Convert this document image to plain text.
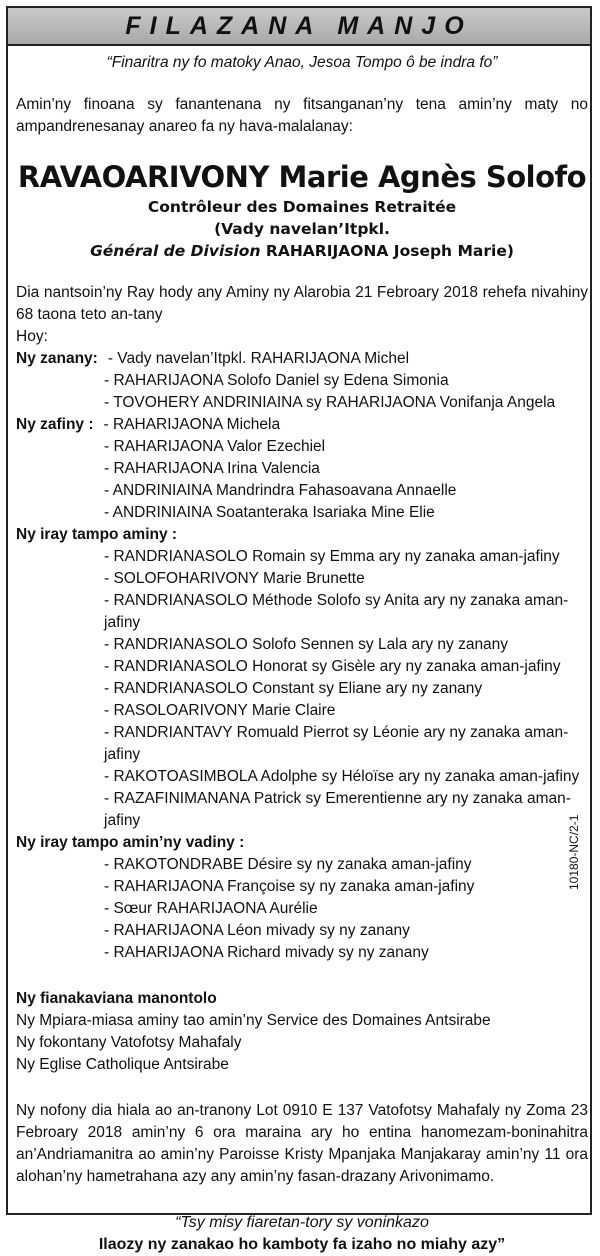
FILAZANA MANJO
“Finaritra ny fo matoky Anao, Jesoa Tompo ô be indra fo”
Amin’ny finoana sy fanantenana ny fitsanganan’ny tena amin’ny maty no ampandrenesanay anareo fa ny hava-malalanay:
RAVAOARIVONY Marie Agnès Solofo
Contrôleur des Domaines Retraitée
(Vady navelan’Itpkl.
Général de Division RAHARIJAONA Joseph Marie)
Dia nantsoin’ny Ray hody any Aminy ny Alarobia 21 Febroary 2018 rehefa nivahiny 68 taona teto an-tany
Hoy:
Ny zanany: - Vady navelan’Itpkl. RAHARIJAONA Michel
- RAHARIJAONA Solofo Daniel sy Edena Simonia
- TOVOHERY ANDRINIAINA sy RAHARIJAONA Vonifanja Angela
Ny zafiny : - RAHARIJAONA Michela
- RAHARIJAONA Valor Ezechiel
- RAHARIJAONA Irina Valencia
- ANDRINIAINA Mandrindra Fahasoavana Annaelle
- ANDRINIAINA Soatanteraka Isariaka Mine Elie
Ny iray tampo aminy :
- RANDRIANASOLO Romain sy Emma ary ny zanaka aman-jafiny
- SOLOFOHARIVONY Marie Brunette
- RANDRIANASOLO Méthode Solofo sy Anita ary ny zanaka aman-jafiny
- RANDRIANASOLO Solofo Sennen sy Lala ary ny zanany
- RANDRIANASOLO Honorat sy Gisèle ary ny zanaka aman-jafiny
- RANDRIANASOLO Constant sy Eliane ary ny zanany
- RASOLOARIVONY Marie Claire
- RANDRIANTAVY Romuald Pierrot sy Léonie ary ny zanaka aman-jafiny
- RAKOTOASIMBOLA Adolphe sy Héloïse ary ny zanaka aman-jafiny
- RAZAFINIMANANA Patrick sy Emerentienne ary ny zanaka aman-jafiny
Ny iray tampo amin’ny vadiny :
- RAKOTONDRABE Désire sy ny zanaka aman-jafiny
- RAHARIJAONA Françoise sy ny zanaka aman-jafiny
- Sœur RAHARIJAONA Aurélie
- RAHARIJAONA Léon mivady sy ny zanany
- RAHARIJAONA Richard mivady sy ny zanany
Ny fianakaviana manontolo
Ny Mpiara-miasa aminy tao amin’ny Service des Domaines Antsirabe
Ny fokontany Vatofotsy Mahafaly
Ny Eglise Catholique Antsirabe
Ny nofony dia hiala ao an-tranony Lot 0910 E 137 Vatofotsy Mahafaly ny Zoma 23 Febroary 2018 amin’ny 6 ora maraina ary ho entina hanomezam-boninahitra an’Andriamanitra ao amin’ny Paroisse Kristy Mpanjaka Manjakaray amin’ny 11 ora alohan’ny hametrahana azy any amin’ny fasan-drazany Arivonimamo.
“Tsy misy fiaretan-tory sy voninkazo
Ilaozy ny zanakao ho kamboty fa izaho no miahy azy”
10180-NC/2-1
